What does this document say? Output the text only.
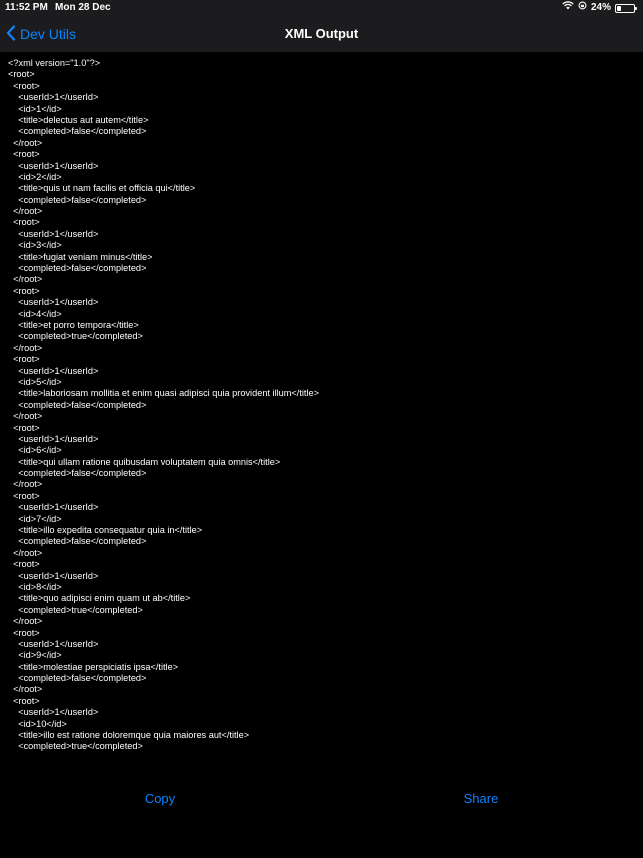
11:52 PM Mon 28 Dec	24%
Dev Utils	XML Output
<?xml version="1.0"?>
<root>
<root>
<userId>1</userId>
<id>1</id>
<title>delectus aut autem</title>
<completed>false</completed>
</root>
<root>
<userId>1</userId>
<id>2</id>
<title>quis ut nam facilis et officia qui</title>
<completed>false</completed>
</root>
<root>
<userId>1</userId>
<id>3</id>
<title>fugiat veniam minus</title>
<completed>false</completed>
</root>
<root>
<userId>1</userId>
<id>4</id>
<title>et porro tempora</title>
<completed>true</completed>
</root>
<root>
<userId>1</userId>
<id>5</id>
<title>laboriosam mollitia et enim quasi adipisci quia provident illum</title>
<completed>false</completed>
</root>
<root>
<userId>1</userId>
<id>6</id>
<title>qui ullam ratione quibusdam voluptatem quia omnis</title>
<completed>false</completed>
</root>
<root>
<userId>1</userId>
<id>7</id>
<title>illo expedita consequatur quia in</title>
<completed>false</completed>
</root>
<root>
<userId>1</userId>
<id>8</id>
<title>quo adipisci enim quam ut ab</title>
<completed>true</completed>
</root>
<root>
<userId>1</userId>
<id>9</id>
<title>molestiae perspiciatis ipsa</title>
<completed>false</completed>
</root>
<root>
<userId>1</userId>
<id>10</id>
<title>illo est ratione doloremque quia maiores aut</title>
<completed>true</completed>
Copy	Share
